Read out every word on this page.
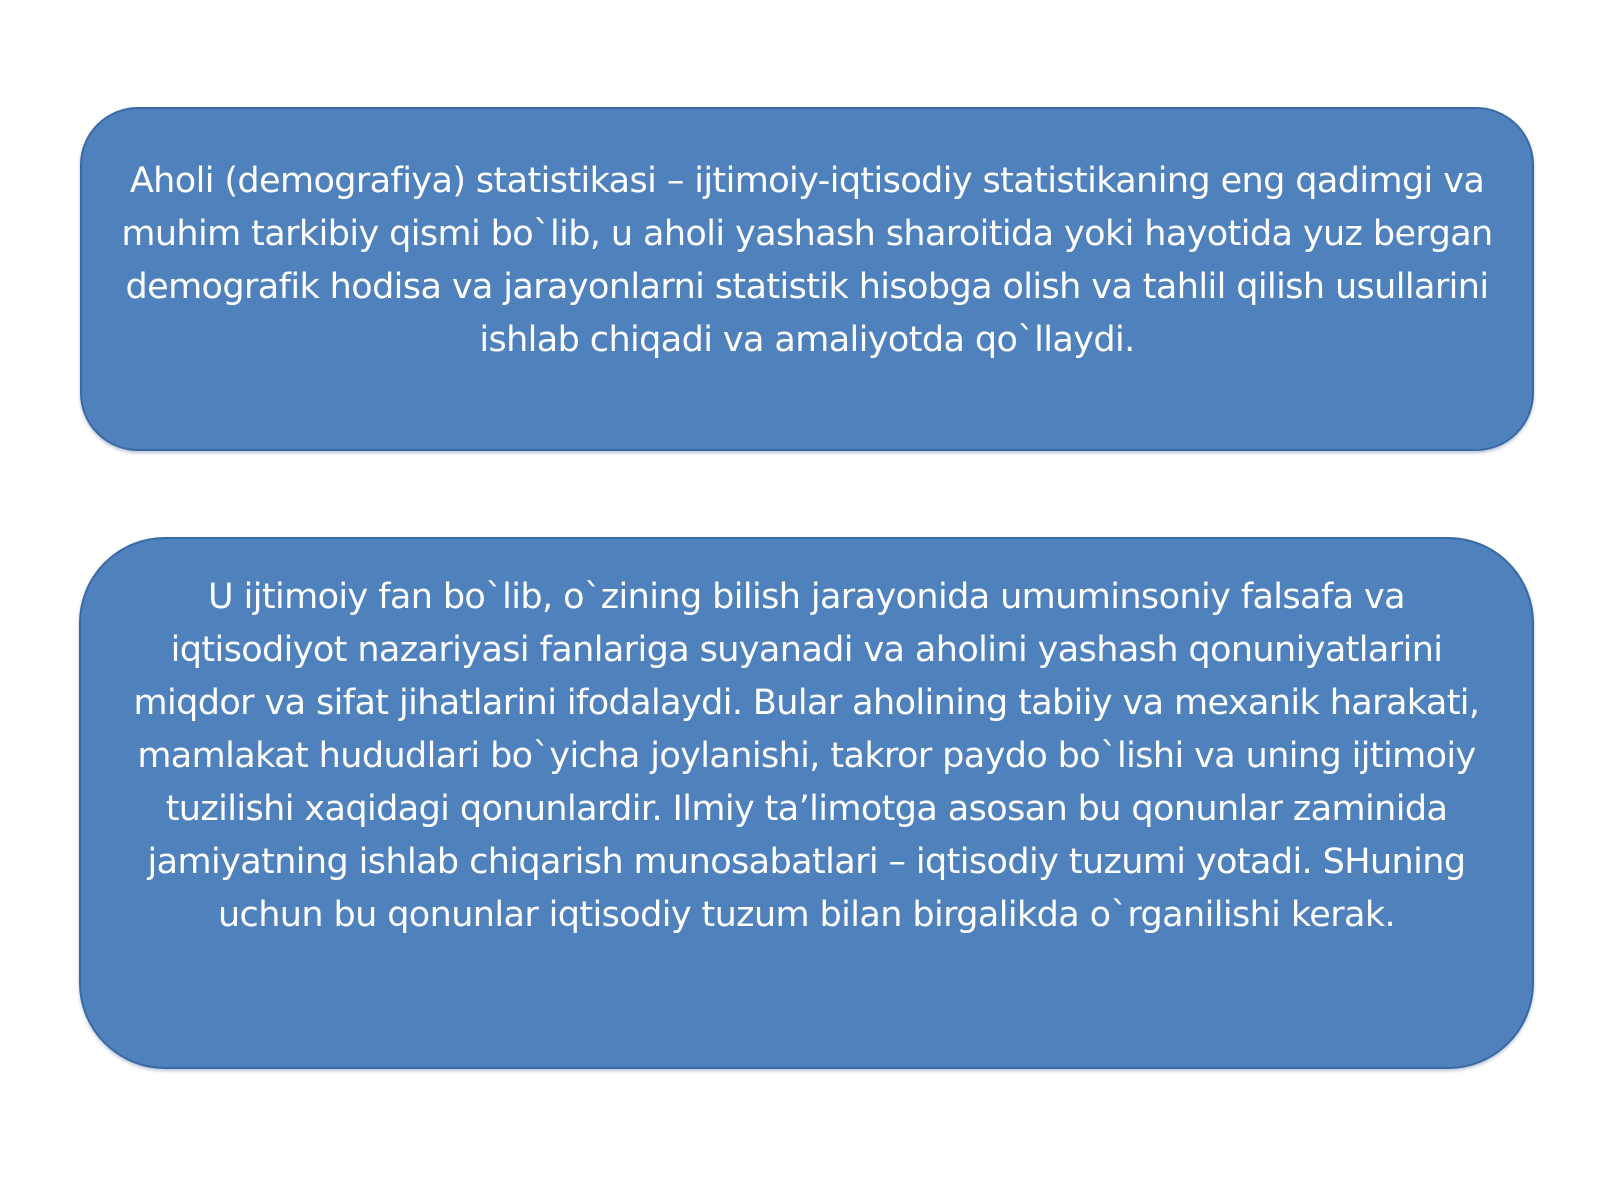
Aholi (demografiya) statistikasi – ijtimoiy-iqtisodiy statistikaning eng qadimgi va muhim tarkibiy qismi bo`lib, u aholi yashash sharoitida yoki hayotida yuz bergan demografik hodisa va jarayonlarni statistik hisobga olish va tahlil qilish usullarini ishlab chiqadi va amaliyotda qo`llaydi.

U ijtimoiy fan bo`lib, o`zining bilish jarayonida umuminsoniy falsafa va iqtisodiyot nazariyasi fanlariga suyanadi va aholini yashash qonuniyatlarini miqdor va sifat jihatlarini ifodalaydi. Bular aholining tabiiy va mexanik harakati, mamlakat hududlari bo`yicha joylanishi, takror paydo bo`lishi va uning ijtimoiy tuzilishi xaqidagi qonunlardir. Ilmiy ta’limotga asosan bu qonunlar zaminida jamiyatning ishlab chiqarish munosabatlari – iqtisodiy tuzumi yotadi. SHuning uchun bu qonunlar iqtisodiy tuzum bilan birgalikda o`rganilishi kerak.
